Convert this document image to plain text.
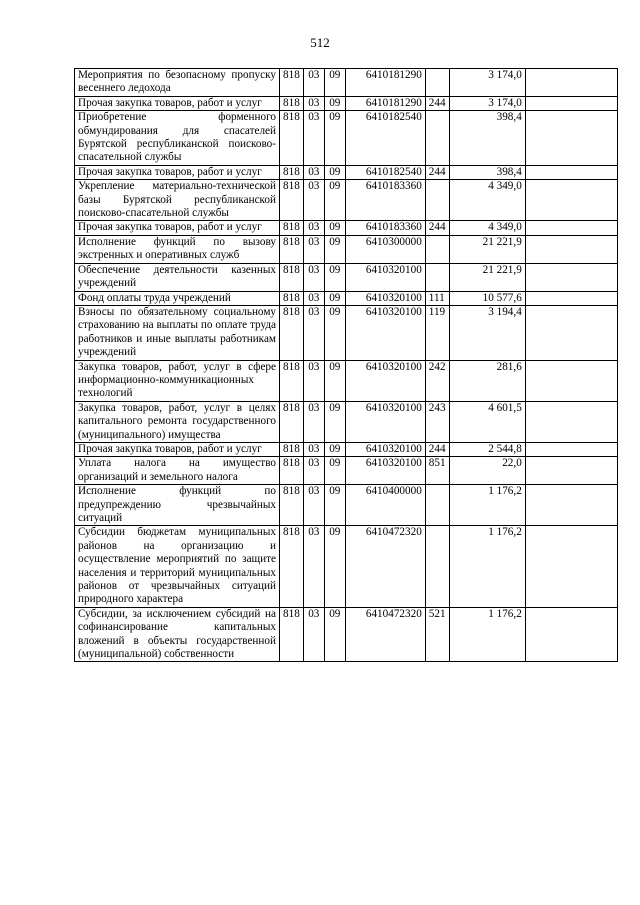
512
Мероприятия по безопасному пропуску весеннего ледохода	818	03	09	6410181290		3 174,0	
Прочая закупка товаров, работ и услуг	818	03	09	6410181290	244	3 174,0	
Приобретение форменного обмундирования для спасателей Бурятской республиканской поисково-спасательной службы	818	03	09	6410182540		398,4	
Прочая закупка товаров, работ и услуг	818	03	09	6410182540	244	398,4	
Укрепление материально-технической базы Бурятской республиканской поисково-спасательной службы	818	03	09	6410183360		4 349,0	
Прочая закупка товаров, работ и услуг	818	03	09	6410183360	244	4 349,0	
Исполнение функций по вызову экстренных и оперативных служб	818	03	09	6410300000		21 221,9	
Обеспечение деятельности казенных учреждений	818	03	09	6410320100		21 221,9	
Фонд оплаты труда учреждений	818	03	09	6410320100	111	10 577,6	
Взносы по обязательному социальному страхованию на выплаты по оплате труда работников и иные выплаты работникам учреждений	818	03	09	6410320100	119	3 194,4	
Закупка товаров, работ, услуг в сфере информационно-коммуникационных технологий	818	03	09	6410320100	242	281,6	
Закупка товаров, работ, услуг в целях капитального ремонта государственного (муниципального) имущества	818	03	09	6410320100	243	4 601,5	
Прочая закупка товаров, работ и услуг	818	03	09	6410320100	244	2 544,8	
Уплата налога на имущество организаций и земельного налога	818	03	09	6410320100	851	22,0	
Исполнение функций по предупреждению чрезвычайных ситуаций	818	03	09	6410400000		1 176,2	
Субсидии бюджетам муниципальных районов на организацию и осуществление мероприятий по защите населения и территорий муниципальных районов от чрезвычайных ситуаций природного характера	818	03	09	6410472320		1 176,2	
Субсидии, за исключением субсидий на софинансирование капитальных вложений в объекты государственной (муниципальной) собственности	818	03	09	6410472320	521	1 176,2	
